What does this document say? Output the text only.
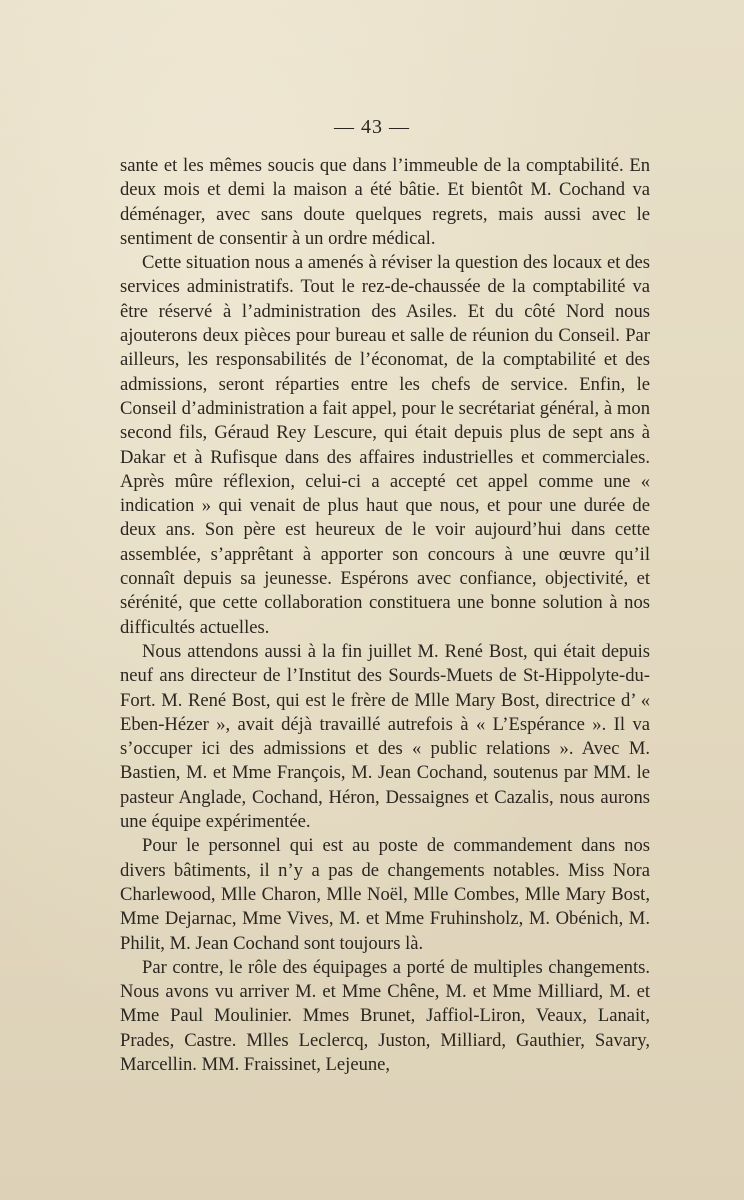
— 43 —

sante et les mêmes soucis que dans l’immeuble de la comptabilité. En deux mois et demi la maison a été bâtie. Et bientôt M. Cochand va déménager, avec sans doute quelques regrets, mais aussi avec le sentiment de consentir à un ordre médical.

Cette situation nous a amenés à réviser la question des locaux et des services administratifs. Tout le rez-de-chaussée de la comptabilité va être réservé à l’administration des Asiles. Et du côté Nord nous ajouterons deux pièces pour bureau et salle de réunion du Conseil. Par ailleurs, les responsabilités de l’économat, de la comptabilité et des admissions, seront réparties entre les chefs de service. Enfin, le Conseil d’administration a fait appel, pour le secrétariat général, à mon second fils, Géraud Rey Lescure, qui était depuis plus de sept ans à Dakar et à Rufisque dans des affaires industrielles et commerciales. Après mûre réflexion, celui-ci a accepté cet appel comme une « indication » qui venait de plus haut que nous, et pour une durée de deux ans. Son père est heureux de le voir aujourd’hui dans cette assemblée, s’apprêtant à apporter son concours à une œuvre qu’il connaît depuis sa jeunesse. Espérons avec confiance, objectivité, et sérénité, que cette collaboration constituera une bonne solution à nos difficultés actuelles.

Nous attendons aussi à la fin juillet M. René Bost, qui était depuis neuf ans directeur de l’Institut des Sourds-Muets de St-Hippolyte-du-Fort. M. René Bost, qui est le frère de Mlle Mary Bost, directrice d’ « Eben-Hézer », avait déjà travaillé autrefois à « L’Espérance ». Il va s’occuper ici des admissions et des « public relations ». Avec M. Bastien, M. et Mme François, M. Jean Cochand, soutenus par MM. le pasteur Anglade, Cochand, Héron, Dessaignes et Cazalis, nous aurons une équipe expérimentée.

Pour le personnel qui est au poste de commandement dans nos divers bâtiments, il n’y a pas de changements notables. Miss Nora Charlewood, Mlle Charon, Mlle Noël, Mlle Combes, Mlle Mary Bost, Mme Dejarnac, Mme Vives, M. et Mme Fruhinsholz, M. Obénich, M. Philit, M. Jean Cochand sont toujours là.

Par contre, le rôle des équipages a porté de multiples changements. Nous avons vu arriver M. et Mme Chêne, M. et Mme Milliard, M. et Mme Paul Moulinier. Mmes Brunet, Jaffiol-Liron, Veaux, Lanait, Prades, Castre. Mlles Leclercq, Juston, Milliard, Gauthier, Savary, Marcellin. MM. Fraissinet, Lejeune,
